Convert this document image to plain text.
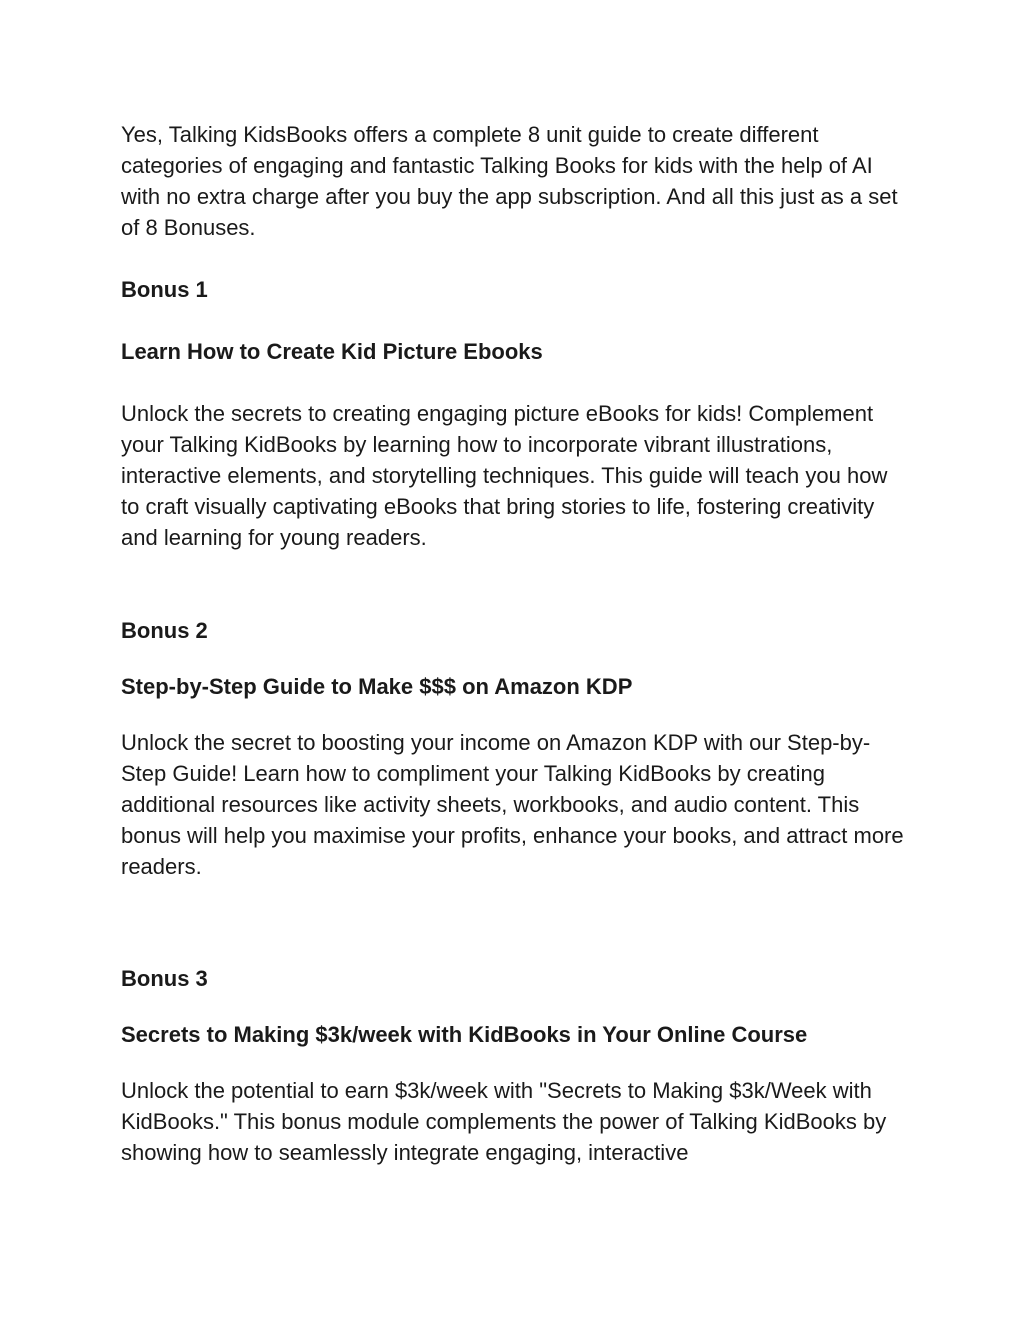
Yes, Talking KidsBooks offers a complete 8 unit guide to create different categories of engaging and fantastic Talking Books for kids with the help of AI with no extra charge after you buy the app subscription. And all this just as a set of 8 Bonuses.

Bonus 1

Learn How to Create Kid Picture Ebooks

Unlock the secrets to creating engaging picture eBooks for kids! Complement your Talking KidBooks by learning how to incorporate vibrant illustrations, interactive elements, and storytelling techniques. This guide will teach you how to craft visually captivating eBooks that bring stories to life, fostering creativity and learning for young readers.

Bonus 2

Step-by-Step Guide to Make $$$ on Amazon KDP

Unlock the secret to boosting your income on Amazon KDP with our Step-by-Step Guide! Learn how to compliment your Talking KidBooks by creating additional resources like activity sheets, workbooks, and audio content. This bonus will help you maximise your profits, enhance your books, and attract more readers.

Bonus 3

Secrets to Making $3k/week with KidBooks in Your Online Course

Unlock the potential to earn $3k/week with "Secrets to Making $3k/Week with KidBooks." This bonus module complements the power of Talking KidBooks by showing how to seamlessly integrate engaging, interactive
